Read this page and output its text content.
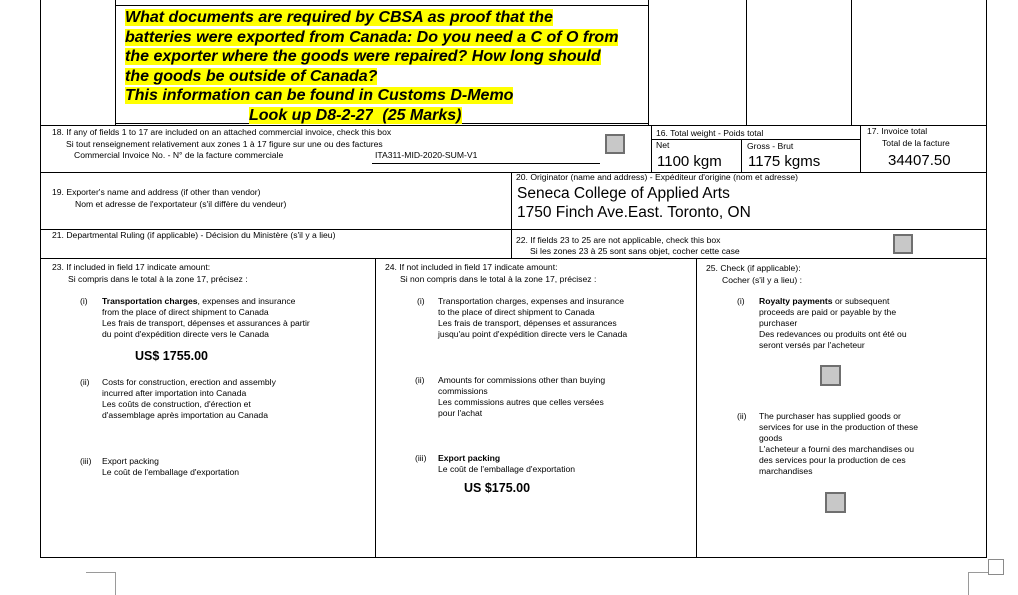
What documents are required by CBSA as proof that the
batteries were exported from Canada: Do you need a C of O from
the exporter where the goods were repaired? How long should
the goods be outside of Canada?
This information can be found in Customs D-Memo
Look up D8-2-27 (25 Marks)
18. If any of fields 1 to 17 are included on an attached commercial invoice, check this box
Si tout renseignement relativement aux zones 1 à 17 figure sur une ou des factures
Commercial Invoice No. - N° de la facture commerciale	ITA311-MID-2020-SUM-V1
16. Total weight - Poids total
Net	Gross - Brut
1100 kgm 1175 kgms
17. Invoice total
Total de la facture
34407.50
19. Exporter's name and address (if other than vendor)
Nom et adresse de l'exportateur (s'il diffère du vendeur)
20. Originator (name and address) - Expéditeur d'origine (nom et adresse)
Seneca College of Applied Arts
1750 Finch Ave.East. Toronto, ON
21. Departmental Ruling (if applicable) - Décision du Ministère (s'il y a lieu)	22. If fields 23 to 25 are not applicable, check this box
Si les zones 23 à 25 sont sans objet, cocher cette case
23. If included in field 17 indicate amount:
Si compris dans le total à la zone 17, précisez :
(i) Transportation charges, expenses and insurance
from the place of direct shipment to Canada
Les frais de transport, dépenses et assurances à partir
du point d'expédition directe vers le Canada
US$ 1755.00
(ii) Costs for construction, erection and assembly
incurred after importation into Canada
Les coûts de construction, d'érection et
d'assemblage après importation au Canada
(iii) Export packing
Le coût de l'emballage d'exportation
24. If not included in field 17 indicate amount:
Si non compris dans le total à la zone 17, précisez :
(i) Transportation charges, expenses and insurance
to the place of direct shipment to Canada
Les frais de transport, dépenses et assurances
jusqu'au point d'expédition directe vers le Canada
(ii) Amounts for commissions other than buying
commissions
Les commissions autres que celles versées
pour l'achat
(iii) Export packing
Le coût de l'emballage d'exportation
US $175.00
25. Check (if applicable):
Cocher (s'il y a lieu) :
(i) Royalty payments or subsequent
proceeds are paid or payable by the
purchaser
Des redevances ou produits ont été ou
seront versés par l'acheteur
(ii) The purchaser has supplied goods or
services for use in the production of these
goods
L'acheteur a fourni des marchandises ou
des services pour la production de ces
marchandises
